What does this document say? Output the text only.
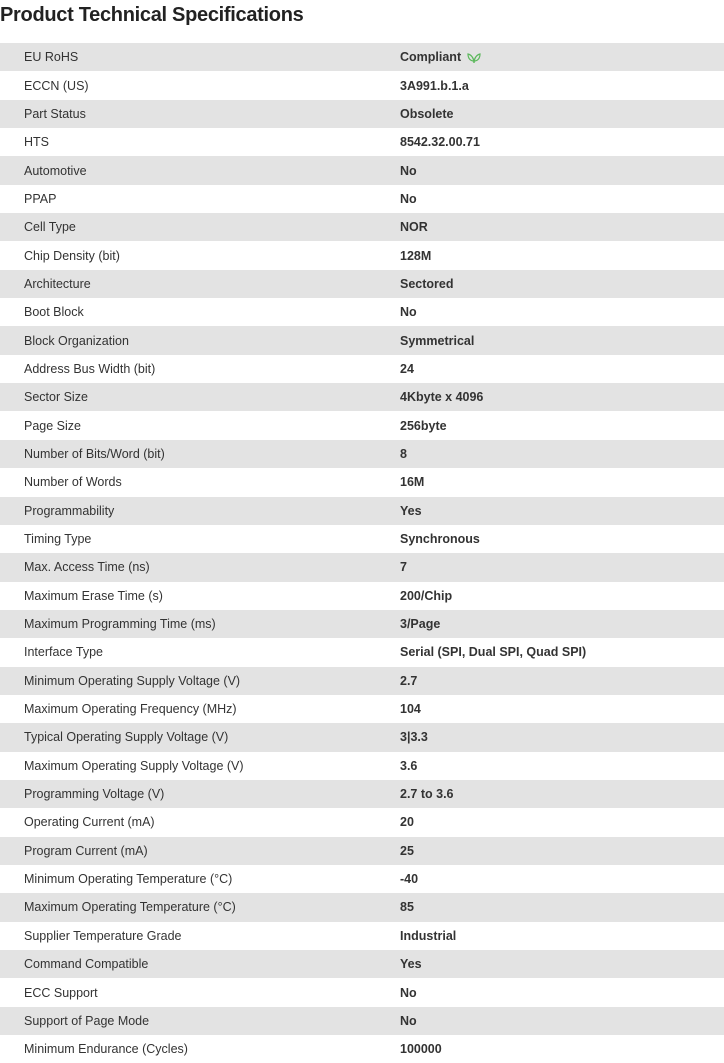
Product Technical Specifications
EU RoHS	Compliant
ECCN (US)	3A991.b.1.a
Part Status	Obsolete
HTS	8542.32.00.71
Automotive	No
PPAP	No
Cell Type	NOR
Chip Density (bit)	128M
Architecture	Sectored
Boot Block	No
Block Organization	Symmetrical
Address Bus Width (bit)	24
Sector Size	4Kbyte x 4096
Page Size	256byte
Number of Bits/Word (bit)	8
Number of Words	16M
Programmability	Yes
Timing Type	Synchronous
Max. Access Time (ns)	7
Maximum Erase Time (s)	200/Chip
Maximum Programming Time (ms)	3/Page
Interface Type	Serial (SPI, Dual SPI, Quad SPI)
Minimum Operating Supply Voltage (V)	2.7
Maximum Operating Frequency (MHz)	104
Typical Operating Supply Voltage (V)	3|3.3
Maximum Operating Supply Voltage (V)	3.6
Programming Voltage (V)	2.7 to 3.6
Operating Current (mA)	20
Program Current (mA)	25
Minimum Operating Temperature (°C)	-40
Maximum Operating Temperature (°C)	85
Supplier Temperature Grade	Industrial
Command Compatible	Yes
ECC Support	No
Support of Page Mode	No
Minimum Endurance (Cycles)	100000
